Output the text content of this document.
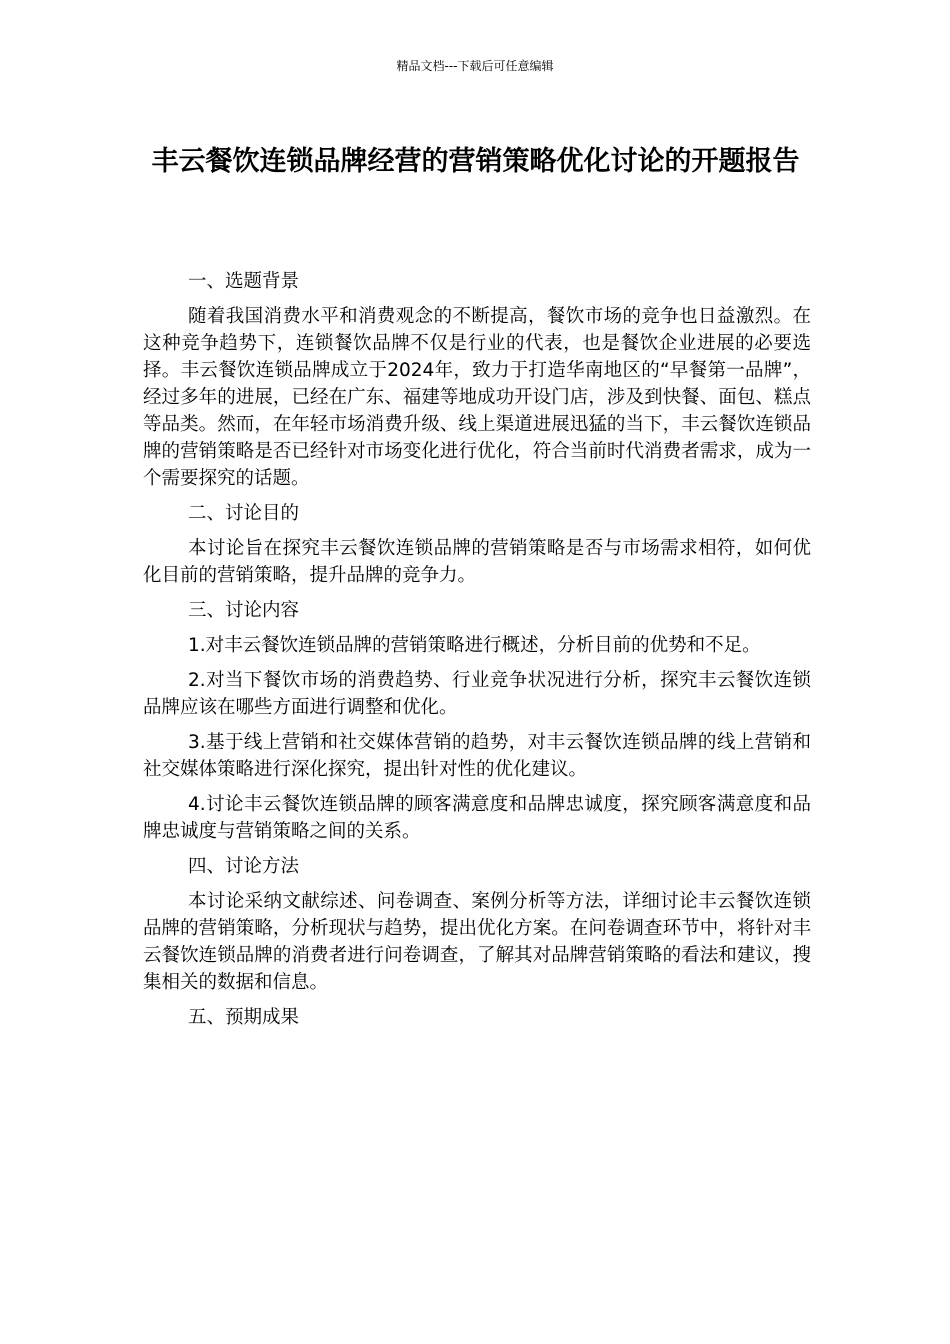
精品文档---下载后可任意编辑
丰云餐饮连锁品牌经营的营销策略优化讨论的开题报告

一、选题背景

随着我国消费水平和消费观念的不断提高，餐饮市场的竞争也日益激烈。在这种竞争趋势下，连锁餐饮品牌不仅是行业的代表，也是餐饮企业进展的必要选择。丰云餐饮连锁品牌成立于2024年，致力于打造华南地区的“早餐第一品牌”，经过多年的进展，已经在广东、福建等地成功开设门店，涉及到快餐、面包、糕点等品类。然而，在年轻市场消费升级、线上渠道进展迅猛的当下，丰云餐饮连锁品牌的营销策略是否已经针对市场变化进行优化，符合当前时代消费者需求，成为一个需要探究的话题。

二、讨论目的

本讨论旨在探究丰云餐饮连锁品牌的营销策略是否与市场需求相符，如何优化目前的营销策略，提升品牌的竞争力。

三、讨论内容

1.对丰云餐饮连锁品牌的营销策略进行概述，分析目前的优势和不足。

2.对当下餐饮市场的消费趋势、行业竞争状况进行分析，探究丰云餐饮连锁品牌应该在哪些方面进行调整和优化。

3.基于线上营销和社交媒体营销的趋势，对丰云餐饮连锁品牌的线上营销和社交媒体策略进行深化探究，提出针对性的优化建议。

4.讨论丰云餐饮连锁品牌的顾客满意度和品牌忠诚度，探究顾客满意度和品牌忠诚度与营销策略之间的关系。

四、讨论方法

本讨论采纳文献综述、问卷调查、案例分析等方法，详细讨论丰云餐饮连锁品牌的营销策略，分析现状与趋势，提出优化方案。在问卷调查环节中，将针对丰云餐饮连锁品牌的消费者进行问卷调查，了解其对品牌营销策略的看法和建议，搜集相关的数据和信息。

五、预期成果
